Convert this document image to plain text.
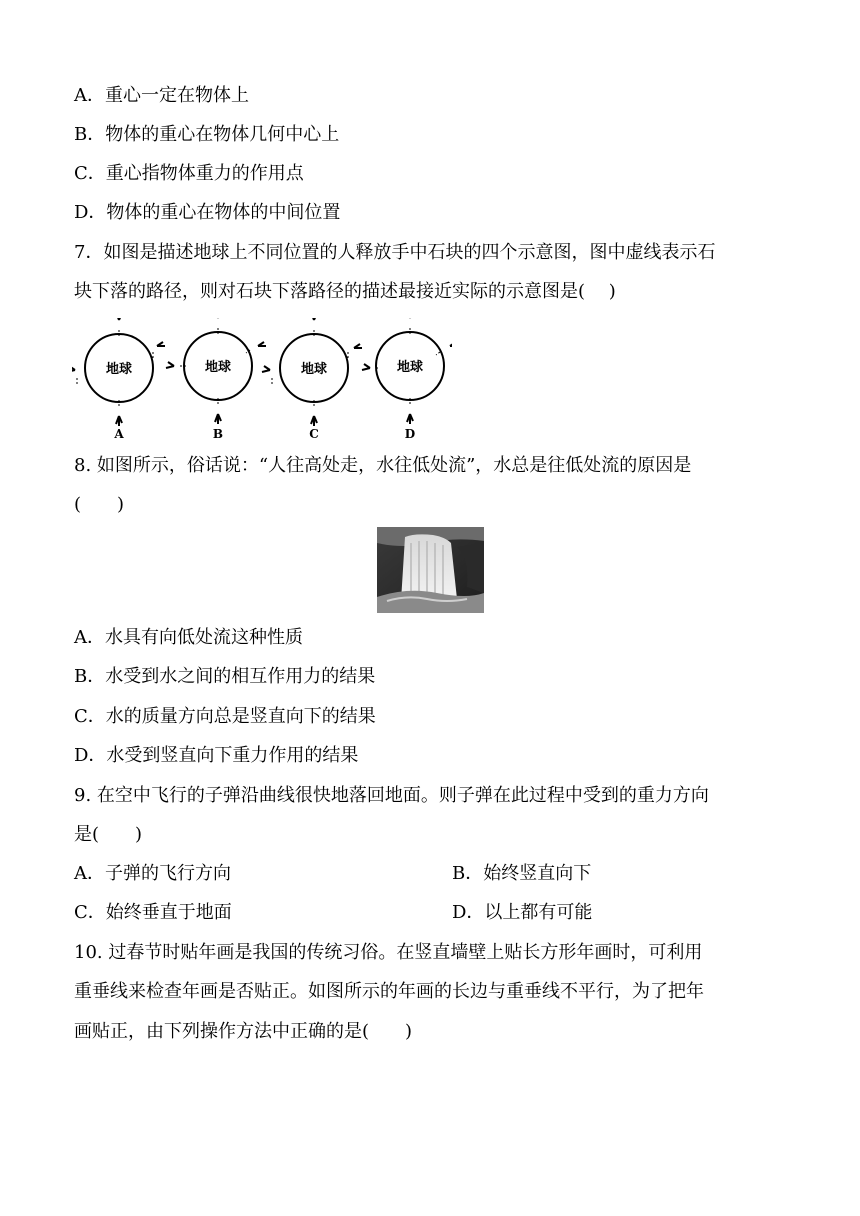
A．重心一定在物体上
B．物体的重心在物体几何中心上
C．重心指物体重力的作用点
D．物体的重心在物体的中间位置
7．如图是描述地球上不同位置的人释放手中石块的四个示意图，图中虚线表示石
块下落的路径，则对石块下落路径的描述最接近实际的示意图是(　 )
地球	地球	地球	地球
A	B	C	D
8. 如图所示，俗话说：“人往高处走，水往低处流”，水总是往低处流的原因是
(　　)
A．水具有向低处流这种性质
B．水受到水之间的相互作用力的结果
C．水的质量方向总是竖直向下的结果
D．水受到竖直向下重力作用的结果
9. 在空中飞行的子弹沿曲线很快地落回地面。则子弹在此过程中受到的重力方向
是(　　)
A．子弹的飞行方向	B．始终竖直向下
C．始终垂直于地面	D．以上都有可能
10. 过春节时贴年画是我国的传统习俗。在竖直墙壁上贴长方形年画时，可利用
重垂线来检查年画是否贴正。如图所示的年画的长边与重垂线不平行，为了把年
画贴正，由下列操作方法中正确的是(　　)
